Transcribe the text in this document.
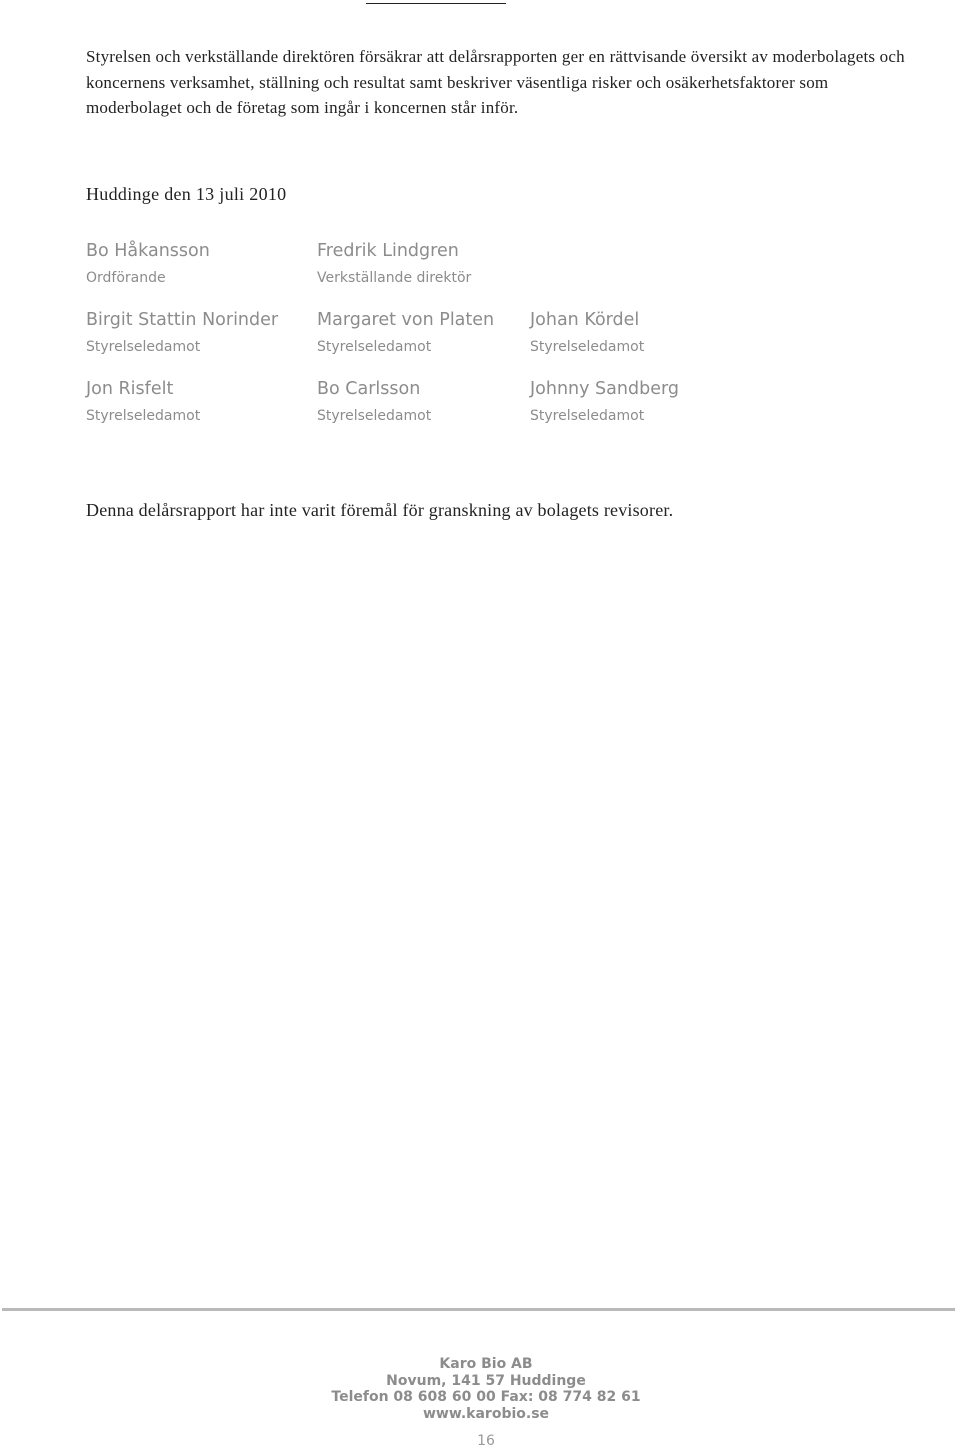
Styrelsen och verkställande direktören försäkrar att delårsrapporten ger en rättvisande översikt av moderbolagets och koncernens verksamhet, ställning och resultat samt beskriver väsentliga risker och osäkerhetsfaktorer som moderbolaget och de företag som ingår i koncernen står inför.

Huddinge den 13 juli 2010

Bo Håkansson
Ordförande
Fredrik Lindgren
Verkställande direktör
Birgit Stattin Norinder
Styrelseledamot
Margaret von Platen
Styrelseledamot
Johan Kördel
Styrelseledamot
Jon Risfelt
Styrelseledamot
Bo Carlsson
Styrelseledamot
Johnny Sandberg
Styrelseledamot

Denna delårsrapport har inte varit föremål för granskning av bolagets revisorer.

Karo Bio AB
Novum, 141 57 Huddinge
Telefon 08 608 60 00 Fax: 08 774 82 61
www.karobio.se
16
